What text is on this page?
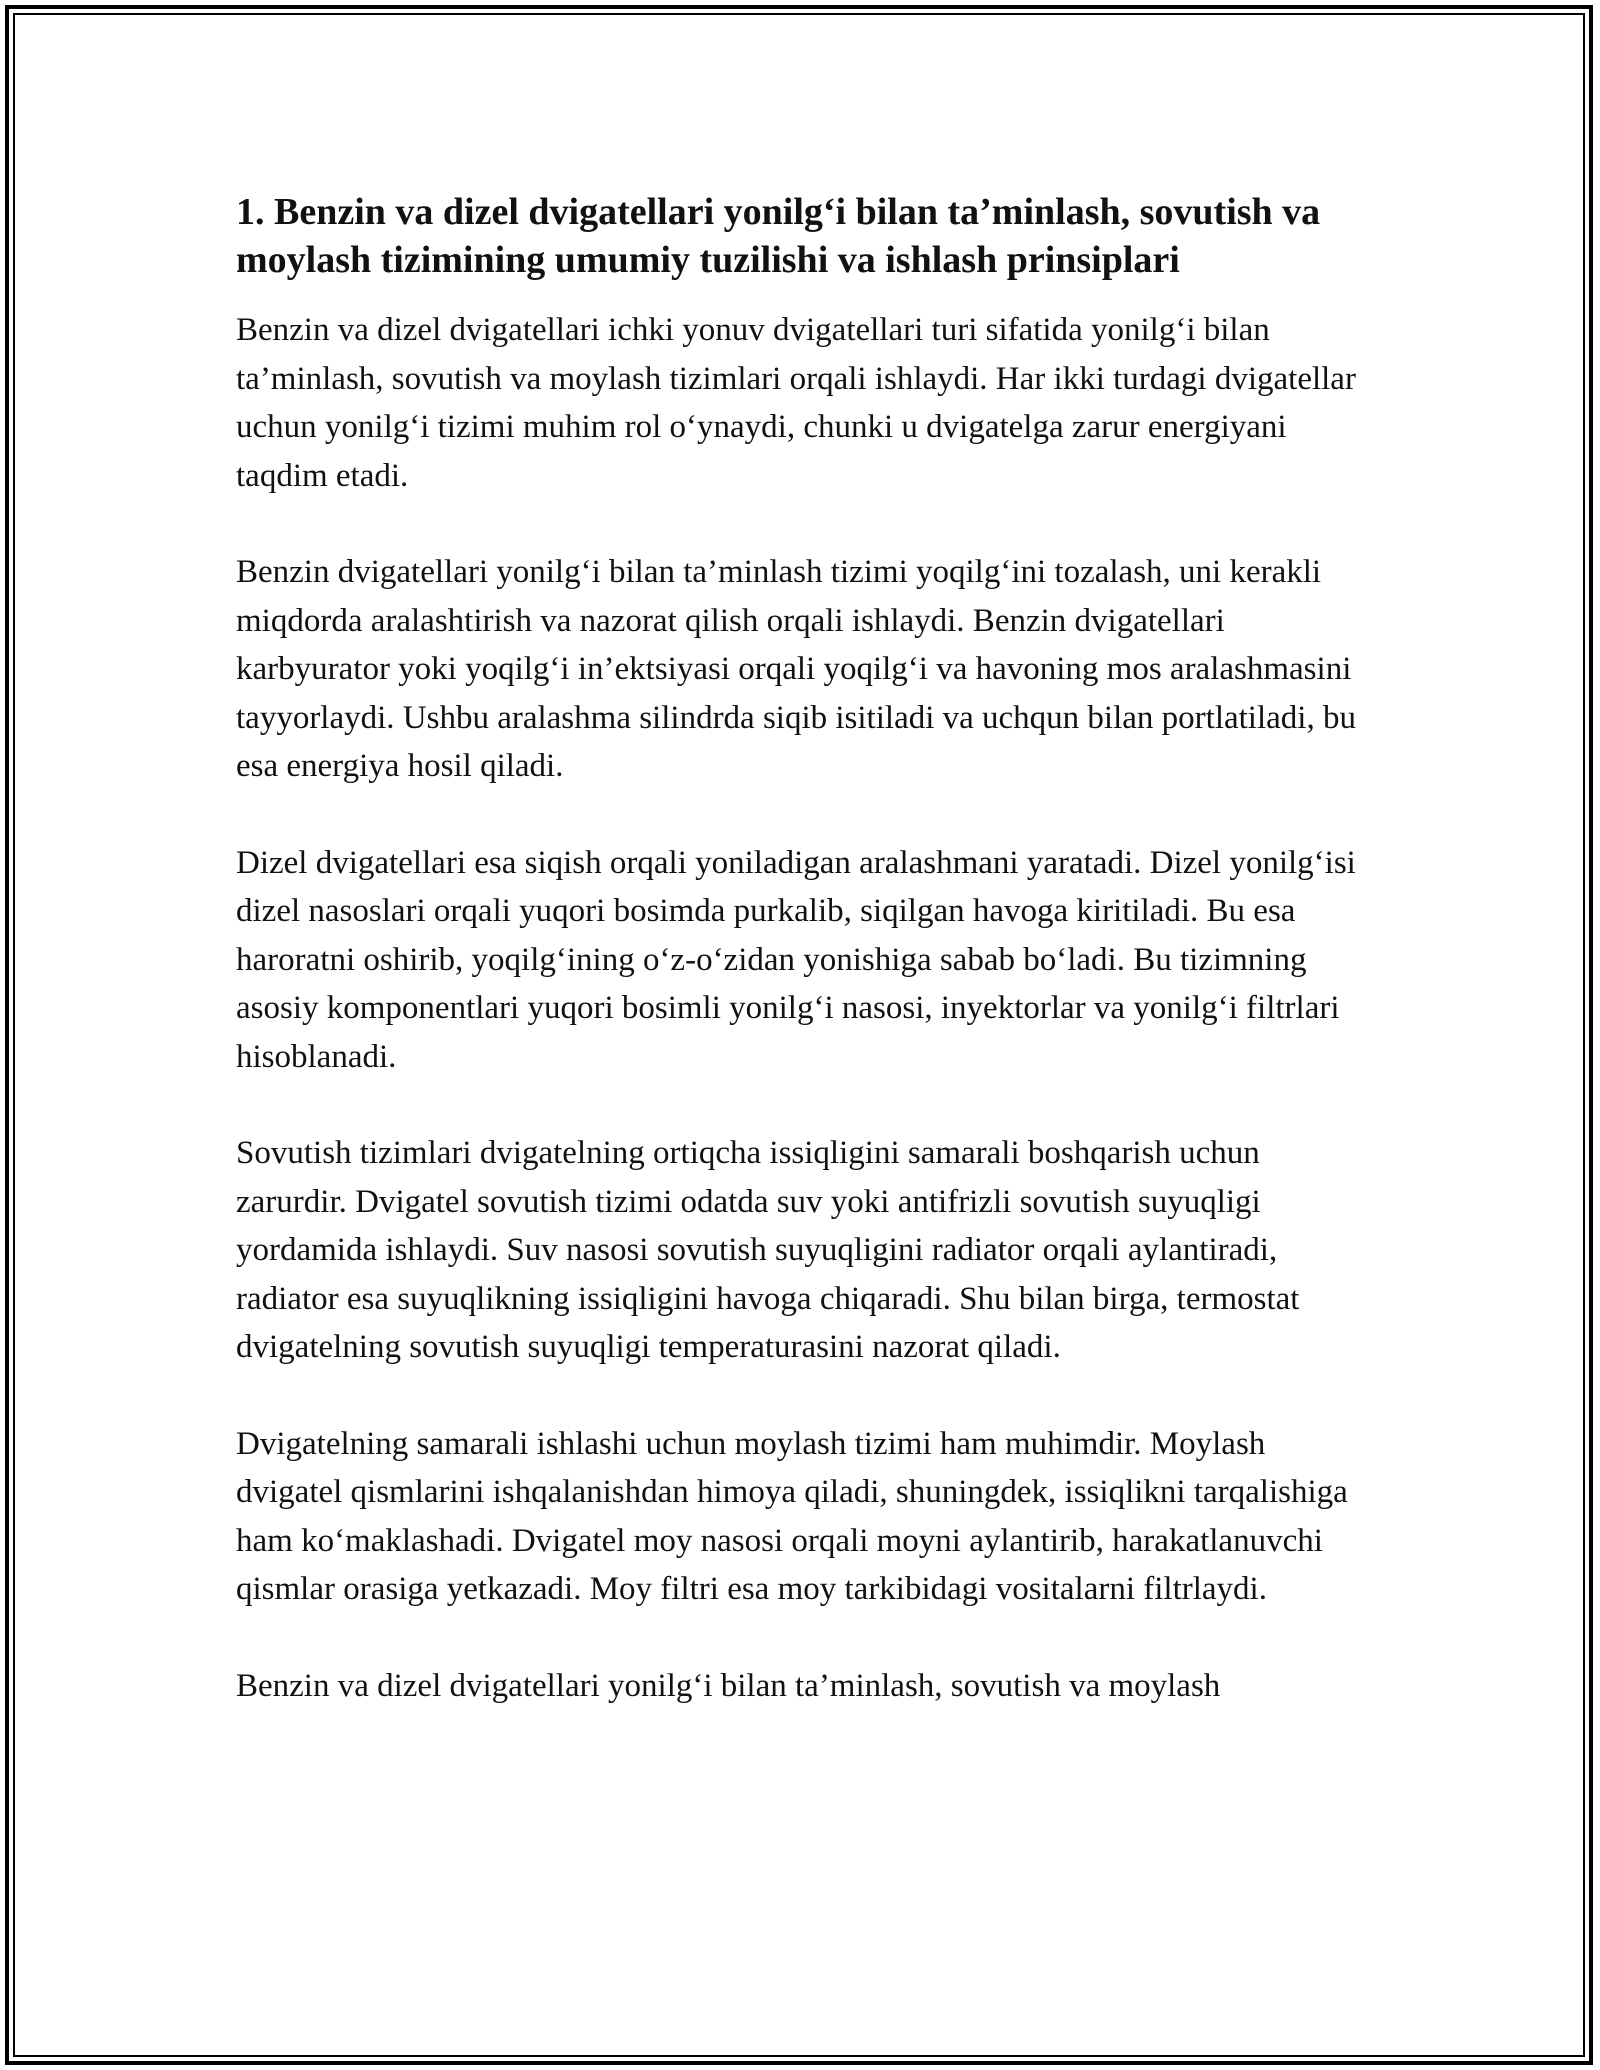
1. Benzin va dizel dvigatellari yonilg‘i bilan ta’minlash, sovutish va moylash tizimining umumiy tuzilishi va ishlash prinsiplari

Benzin va dizel dvigatellari ichki yonuv dvigatellari turi sifatida yonilg‘i bilan ta’minlash, sovutish va moylash tizimlari orqali ishlaydi. Har ikki turdagi dvigatellar uchun yonilg‘i tizimi muhim rol o‘ynaydi, chunki u dvigatelga zarur energiyani taqdim etadi.

Benzin dvigatellari yonilg‘i bilan ta’minlash tizimi yoqilg‘ini tozalash, uni kerakli miqdorda aralashtirish va nazorat qilish orqali ishlaydi. Benzin dvigatellari karbyurator yoki yoqilg‘i in’ektsiyasi orqali yoqilg‘i va havoning mos aralashmasini tayyorlaydi. Ushbu aralashma silindrda siqib isitiladi va uchqun bilan portlatiladi, bu esa energiya hosil qiladi.

Dizel dvigatellari esa siqish orqali yoniladigan aralashmani yaratadi. Dizel yonilg‘isi dizel nasoslari orqali yuqori bosimda purkalib, siqilgan havoga kiritiladi. Bu esa haroratni oshirib, yoqilg‘ining o‘z-o‘zidan yonishiga sabab bo‘ladi. Bu tizimning asosiy komponentlari yuqori bosimli yonilg‘i nasosi, inyektorlar va yonilg‘i filtrlari hisoblanadi.

Sovutish tizimlari dvigatelning ortiqcha issiqligini samarali boshqarish uchun zarurdir. Dvigatel sovutish tizimi odatda suv yoki antifrizli sovutish suyuqligi yordamida ishlaydi. Suv nasosi sovutish suyuqligini radiator orqali aylantiradi, radiator esa suyuqlikning issiqligini havoga chiqaradi. Shu bilan birga, termostat dvigatelning sovutish suyuqligi temperaturasini nazorat qiladi.

Dvigatelning samarali ishlashi uchun moylash tizimi ham muhimdir. Moylash dvigatel qismlarini ishqalanishdan himoya qiladi, shuningdek, issiqlikni tarqalishiga ham ko‘maklashadi. Dvigatel moy nasosi orqali moyni aylantirib, harakatlanuvchi qismlar orasiga yetkazadi. Moy filtri esa moy tarkibidagi vositalarni filtrlaydi.

Benzin va dizel dvigatellari yonilg‘i bilan ta’minlash, sovutish va moylash
